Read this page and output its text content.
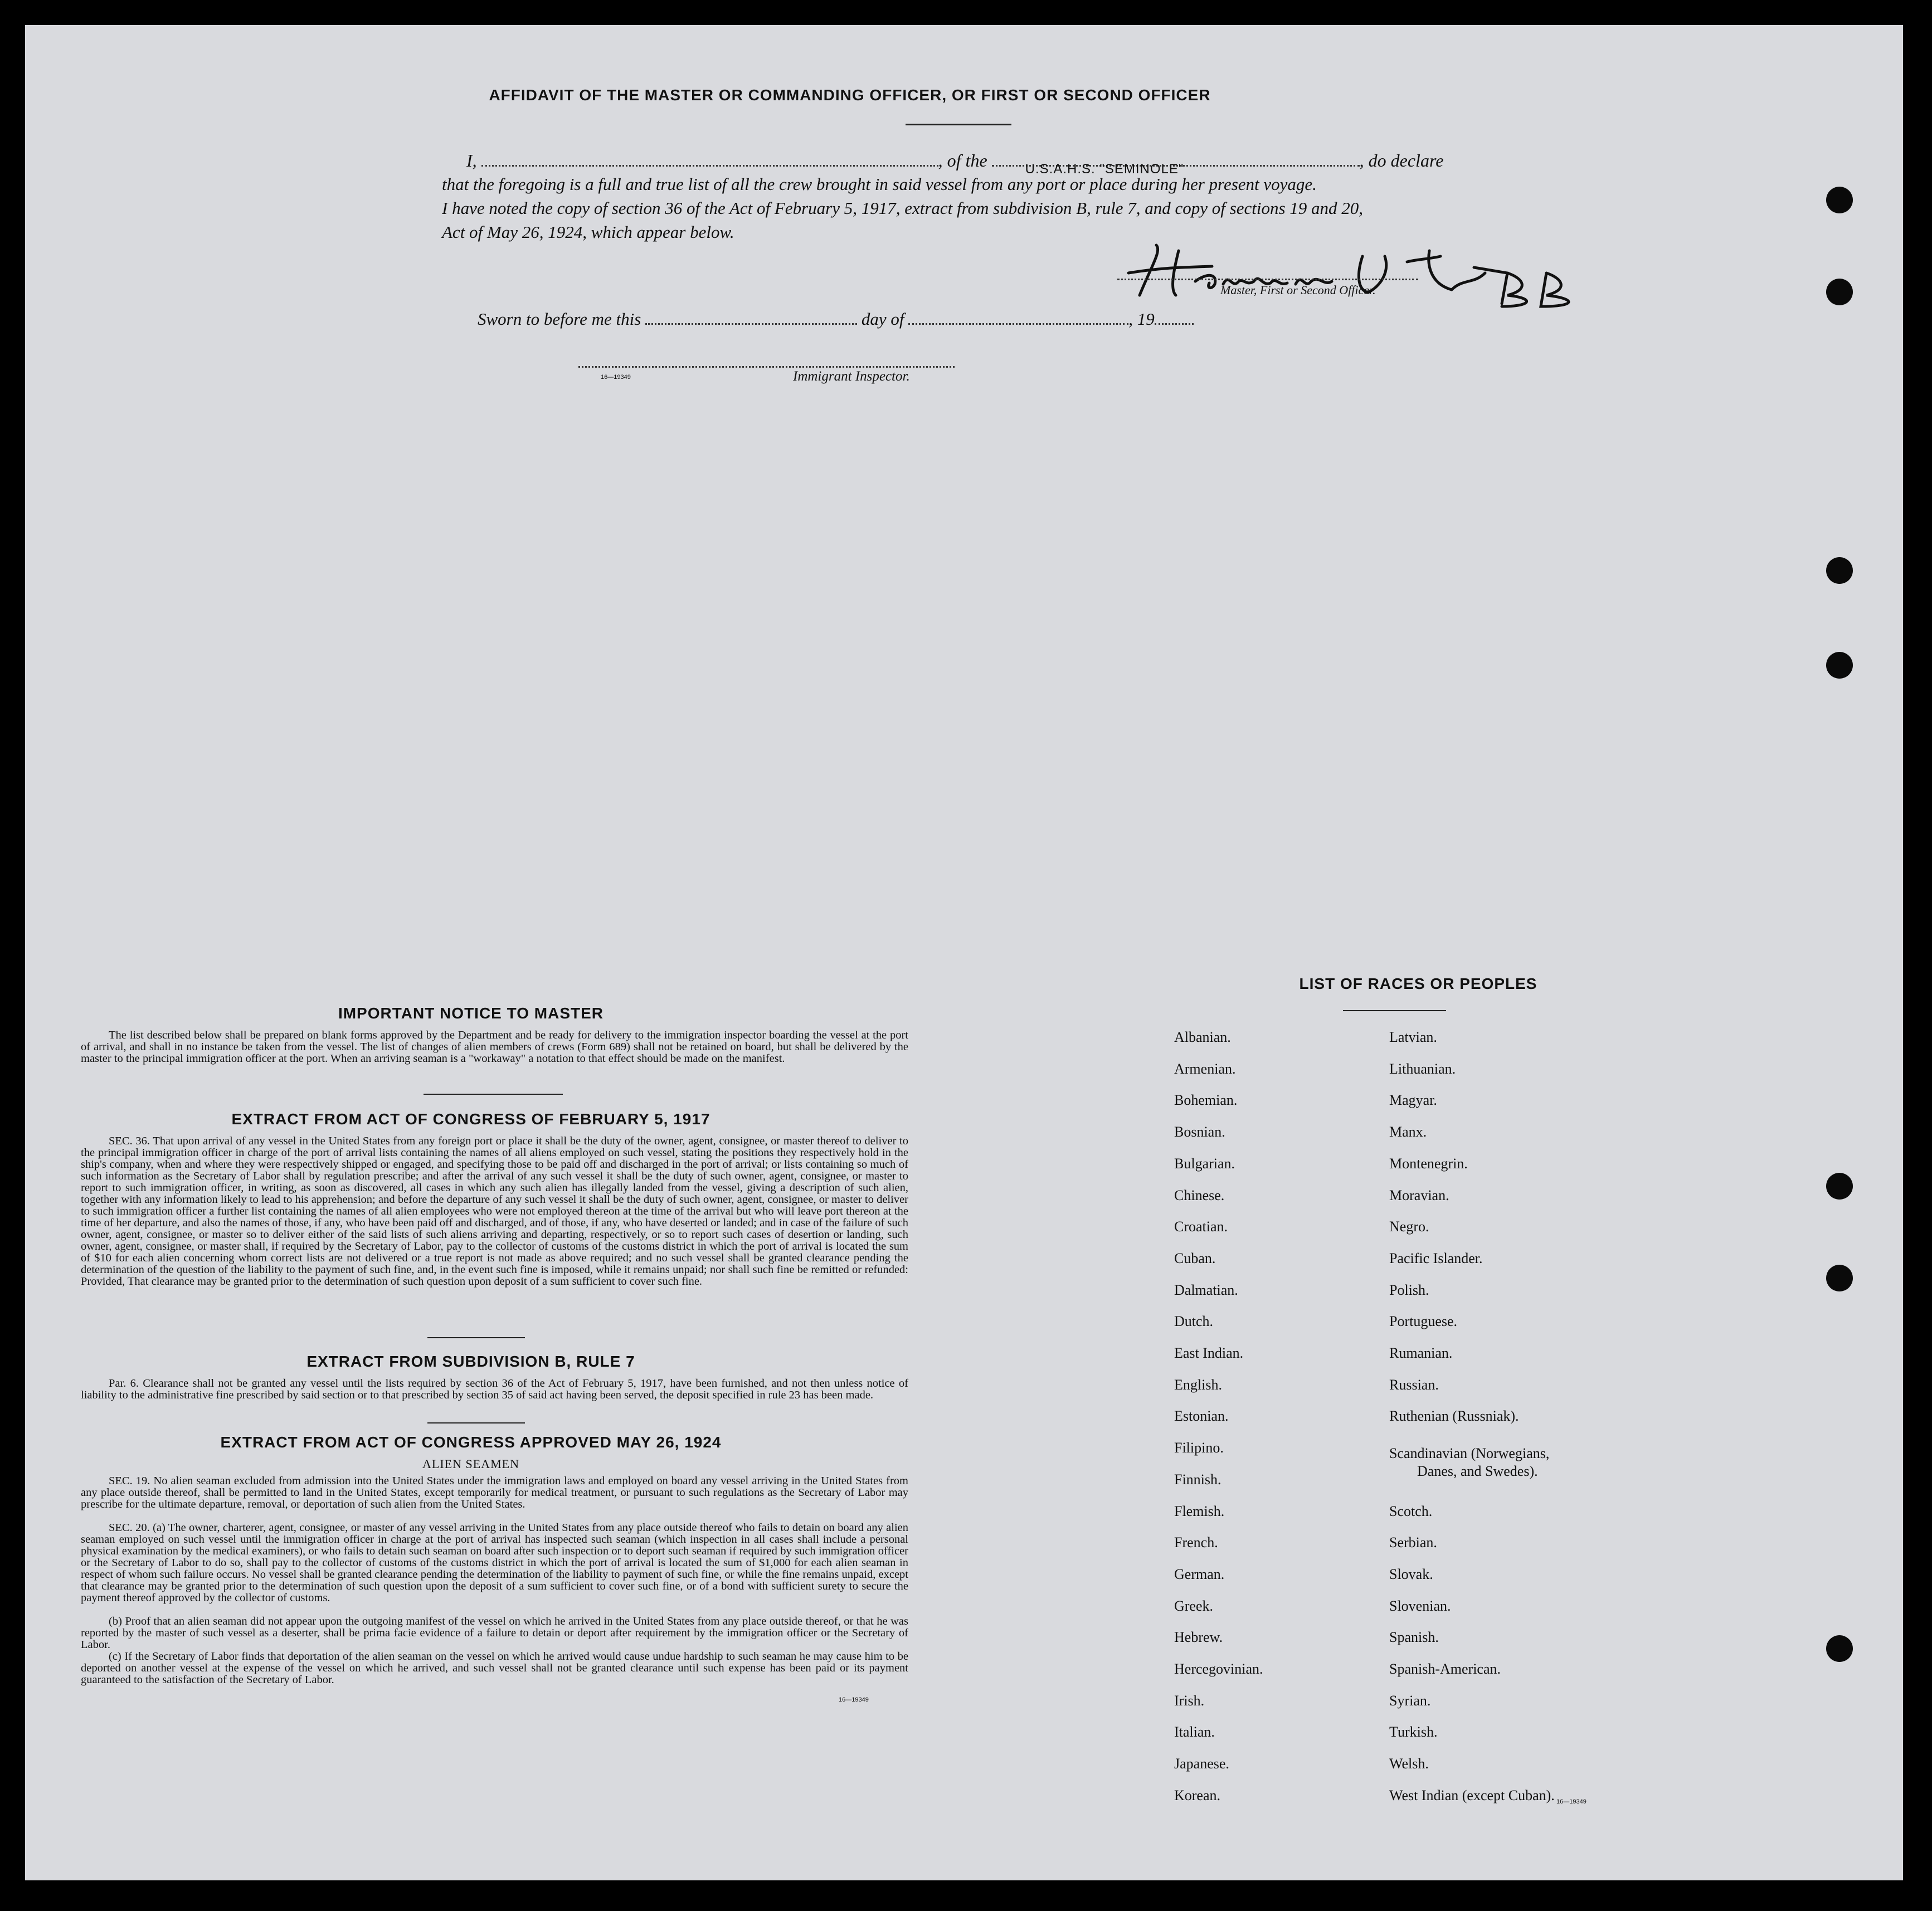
AFFIDAVIT OF THE MASTER OR COMMANDING OFFICER, OR FIRST OR SECOND OFFICER
I,	, of the	U.S.A.H.S. "SEMINOLE"	, do declare
that the foregoing is a full and true list of all the crew brought in said vessel from any port or place during her present voyage.
I have noted the copy of section 36 of the Act of February 5, 1917, extract from subdivision B, rule 7, and copy of sections 19 and 20,
Act of May 26, 1924, which appear below.
Master, First or Second Officer.
Sworn to before me this	day of	, 19
16—19349	Immigrant Inspector.
IMPORTANT NOTICE TO MASTER
The list described below shall be prepared on blank forms approved by the Department and be ready for delivery to the immigration inspector boarding the vessel at the port of arrival, and shall in no instance be taken from the vessel. The list of changes of alien members of crews (Form 689) shall not be retained on board, but shall be delivered by the master to the principal immigration officer at the port. When an arriving seaman is a "workaway" a notation to that effect should be made on the manifest.
EXTRACT FROM ACT OF CONGRESS OF FEBRUARY 5, 1917
SEC. 36. That upon arrival of any vessel in the United States from any foreign port or place it shall be the duty of the owner, agent, consignee, or master thereof to deliver to the principal immigration officer in charge of the port of arrival lists containing the names of all aliens employed on such vessel, stating the positions they respectively hold in the ship's company, when and where they were respectively shipped or engaged, and specifying those to be paid off and discharged in the port of arrival; or lists containing so much of such information as the Secretary of Labor shall by regulation prescribe; and after the arrival of any such vessel it shall be the duty of such owner, agent, consignee, or master to report to such immigration officer, in writing, as soon as discovered, all cases in which any such alien has illegally landed from the vessel, giving a description of such alien, together with any information likely to lead to his apprehension; and before the departure of any such vessel it shall be the duty of such owner, agent, consignee, or master to deliver to such immigration officer a further list containing the names of all alien employees who were not employed thereon at the time of the arrival but who will leave port thereon at the time of her departure, and also the names of those, if any, who have been paid off and discharged, and of those, if any, who have deserted or landed; and in case of the failure of such owner, agent, consignee, or master so to deliver either of the said lists of such aliens arriving and departing, respectively, or so to report such cases of desertion or landing, such owner, agent, consignee, or master shall, if required by the Secretary of Labor, pay to the collector of customs of the customs district in which the port of arrival is located the sum of $10 for each alien concerning whom correct lists are not delivered or a true report is not made as above required; and no such vessel shall be granted clearance pending the determination of the question of the liability to the payment of such fine, and, in the event such fine is imposed, while it remains unpaid; nor shall such fine be remitted or refunded: Provided, That clearance may be granted prior to the determination of such question upon deposit of a sum sufficient to cover such fine.
EXTRACT FROM SUBDIVISION B, RULE 7
Par. 6. Clearance shall not be granted any vessel until the lists required by section 36 of the Act of February 5, 1917, have been furnished, and not then unless notice of liability to the administrative fine prescribed by said section or to that prescribed by section 35 of said act having been served, the deposit specified in rule 23 has been made.
EXTRACT FROM ACT OF CONGRESS APPROVED MAY 26, 1924
ALIEN SEAMEN
SEC. 19. No alien seaman excluded from admission into the United States under the immigration laws and employed on board any vessel arriving in the United States from any place outside thereof, shall be permitted to land in the United States, except temporarily for medical treatment, or pursuant to such regulations as the Secretary of Labor may prescribe for the ultimate departure, removal, or deportation of such alien from the United States.
SEC. 20. (a) The owner, charterer, agent, consignee, or master of any vessel arriving in the United States from any place outside thereof who fails to detain on board any alien seaman employed on such vessel until the immigration officer in charge at the port of arrival has inspected such seaman (which inspection in all cases shall include a personal physical examination by the medical examiners), or who fails to detain such seaman on board after such inspection or to deport such seaman if required by such immigration officer or the Secretary of Labor to do so, shall pay to the collector of customs of the customs district in which the port of arrival is located the sum of $1,000 for each alien seaman in respect of whom such failure occurs. No vessel shall be granted clearance pending the determination of the liability to payment of such fine, or while the fine remains unpaid, except that clearance may be granted prior to the determination of such question upon the deposit of a sum sufficient to cover such fine, or of a bond with sufficient surety to secure the payment thereof approved by the collector of customs.
(b) Proof that an alien seaman did not appear upon the outgoing manifest of the vessel on which he arrived in the United States from any place outside thereof, or that he was reported by the master of such vessel as a deserter, shall be prima facie evidence of a failure to detain or deport after requirement by the immigration officer or the Secretary of Labor.
(c) If the Secretary of Labor finds that deportation of the alien seaman on the vessel on which he arrived would cause undue hardship to such seaman he may cause him to be deported on another vessel at the expense of the vessel on which he arrived, and such vessel shall not be granted clearance until such expense has been paid or its payment guaranteed to the satisfaction of the Secretary of Labor.
16—19349
LIST OF RACES OR PEOPLES
16—19349
Albanian.
Armenian.
Bohemian.
Bosnian.
Bulgarian.
Chinese.
Croatian.
Cuban.
Dalmatian.
Dutch.
East Indian.
English.
Estonian.
Filipino.
Finnish.
Flemish.
French.
German.
Greek.
Hebrew.
Hercegovinian.
Irish.
Italian.
Japanese.
Korean.
Latvian.
Lithuanian.
Magyar.
Manx.
Montenegrin.
Moravian.
Negro.
Pacific Islander.
Polish.
Portuguese.
Rumanian.
Russian.
Ruthenian (Russniak).
Scandinavian (Norwegians,
Danes, and Swedes).
Scotch.
Serbian.
Slovak.
Slovenian.
Spanish.
Spanish-American.
Syrian.
Turkish.
Welsh.
West Indian (except Cuban).
